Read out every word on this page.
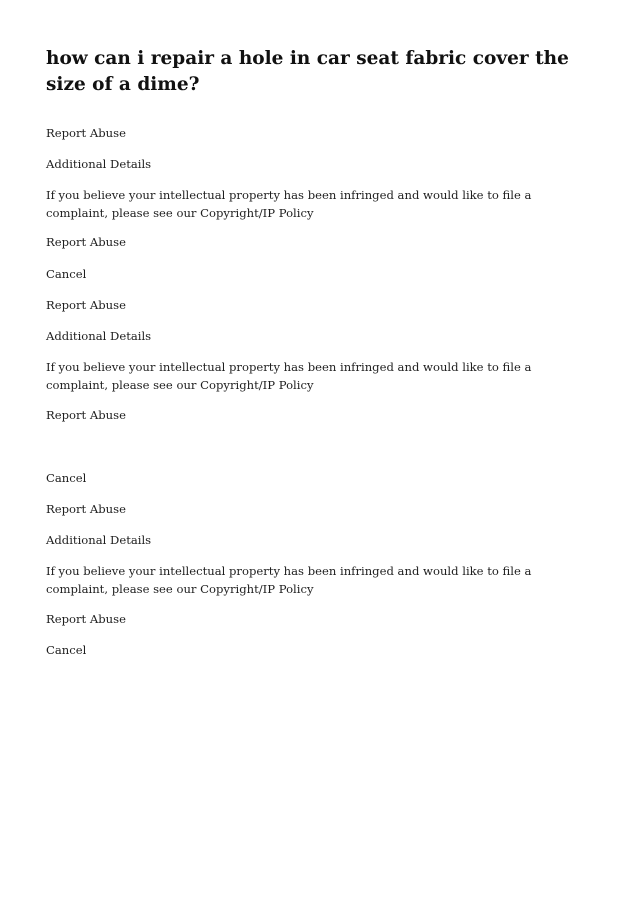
how can i repair a hole in car seat fabric cover the size of a dime?

Report Abuse

Additional Details

If you believe your intellectual property has been infringed and would like to file a complaint, please see our Copyright/IP Policy

Report Abuse

Cancel

Report Abuse

Additional Details

If you believe your intellectual property has been infringed and would like to file a complaint, please see our Copyright/IP Policy

Report Abuse

Cancel

Report Abuse

Additional Details

If you believe your intellectual property has been infringed and would like to file a complaint, please see our Copyright/IP Policy

Report Abuse

Cancel
